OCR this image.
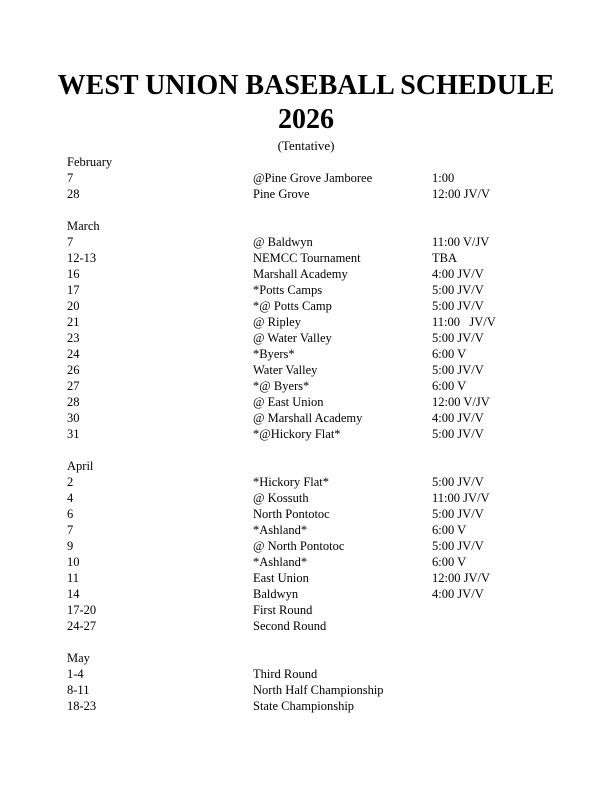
WEST UNION BASEBALL SCHEDULE
2026
(Tentative)
February
7	@Pine Grove Jamboree	1:00
28	Pine Grove	12:00 JV/V
March
7	@ Baldwyn	11:00 V/JV
12-13	NEMCC Tournament	TBA
16	Marshall Academy	4:00 JV/V
17	*Potts Camps	5:00 JV/V
20	*@ Potts Camp	5:00 JV/V
21	@ Ripley	11:00   JV/V
23	@ Water Valley	5:00 JV/V
24	*Byers*	6:00 V
26	Water Valley	5:00 JV/V
27	*@ Byers*	6:00 V
28	@ East Union	12:00 V/JV
30	@ Marshall Academy	4:00 JV/V
31	*@Hickory Flat*	5:00 JV/V
April
2	*Hickory Flat*	5:00 JV/V
4	@ Kossuth	11:00 JV/V
6	North Pontotoc	5:00 JV/V
7	*Ashland*	6:00 V
9	@ North Pontotoc	5:00 JV/V
10	*Ashland*	6:00 V
11	East Union	12:00 JV/V
14	Baldwyn	4:00 JV/V
17-20	First Round
24-27	Second Round
May
1-4	Third Round
8-11	North Half Championship
18-23	State Championship
